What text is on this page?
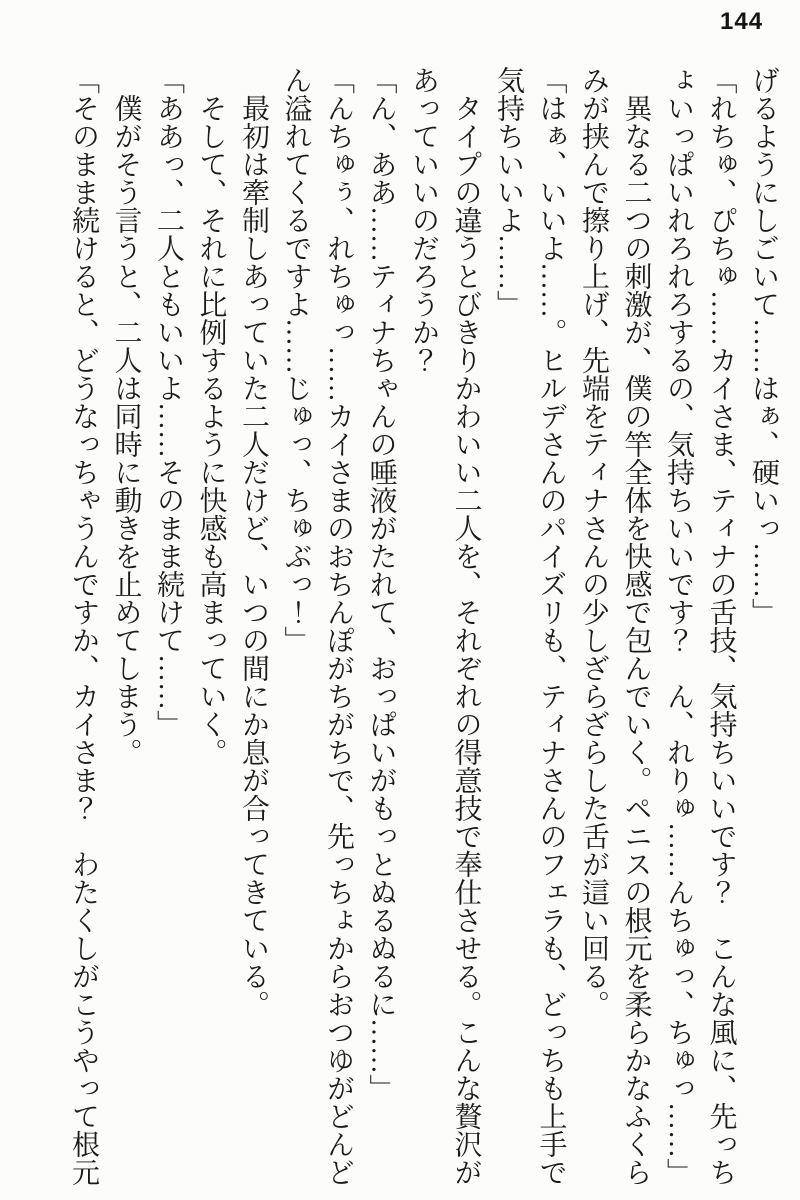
144

げるようにしごいて……はぁ、硬いっ……」

「れちゅ、ぴちゅ……カイさま、ティナの舌技、気持ちいいです？　こんな風に、先っち

ょいっぱいれろれろするの、気持ちいいです？　ん、れりゅ……んちゅっ、ちゅっ……」

異なる二つの刺激が、僕の竿全体を快感で包んでいく。ペニスの根元を柔らかなふくら

みが挟んで擦り上げ、先端をティナさんの少しざらざらした舌が這い回る。

「はぁ、いいよ……。ヒルデさんのパイズリも、ティナさんのフェラも、どっちも上手で

気持ちいいよ……」

タイプの違うとびきりかわいい二人を、それぞれの得意技で奉仕させる。こんな贅沢が

あっていいのだろうか？

「ん、ああ……ティナちゃんの唾液がたれて、おっぱいがもっとぬるぬるに……」

「んちゅぅ、れちゅっ……カイさまのおちんぽがちがちで、先っちょからおつゆがどんど

ん溢れてくるですよ……じゅっ、ちゅぶっ！」

最初は牽制しあっていた二人だけど、いつの間にか息が合ってきている。

そして、それに比例するように快感も高まっていく。

「ああっ、二人ともいいよ……そのまま続けて……」

僕がそう言うと、二人は同時に動きを止めてしまう。

「そのまま続けると、どうなっちゃうんですか、カイさま？　わたくしがこうやって根元
